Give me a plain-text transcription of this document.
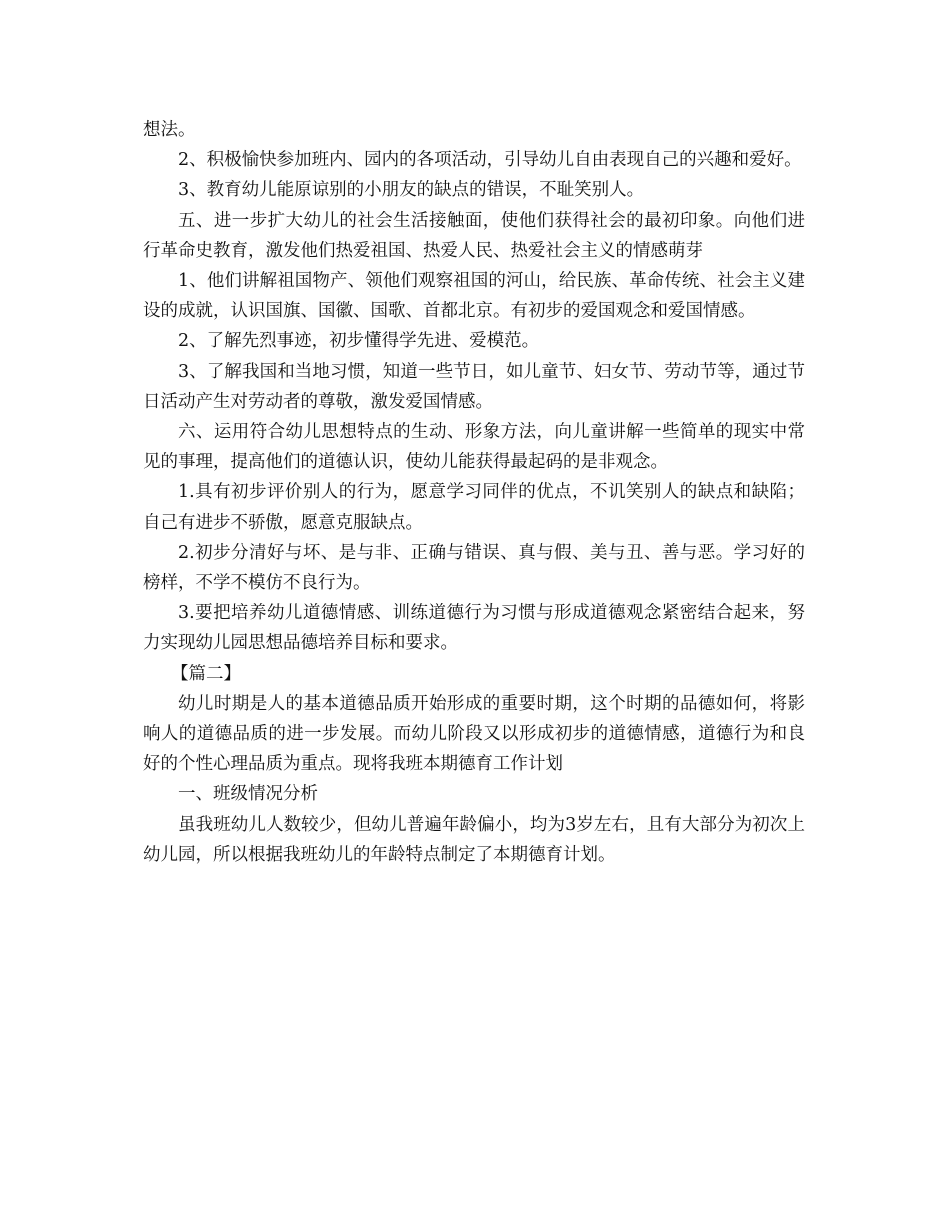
想法。

2、积极愉快参加班内、园内的各项活动，引导幼儿自由表现自己的兴趣和爱好。

3、教育幼儿能原谅别的小朋友的缺点的错误，不耻笑别人。

五、进一步扩大幼儿的社会生活接触面，使他们获得社会的最初印象。向他们进行革命史教育，激发他们热爱祖国、热爱人民、热爱社会主义的情感萌芽

1、他们讲解祖国物产、领他们观察祖国的河山，给民族、革命传统、社会主义建设的成就，认识国旗、国徽、国歌、首都北京。有初步的爱国观念和爱国情感。

2、了解先烈事迹，初步懂得学先进、爱模范。

3、了解我国和当地习惯，知道一些节日，如儿童节、妇女节、劳动节等，通过节日活动产生对劳动者的尊敬，激发爱国情感。

六、运用符合幼儿思想特点的生动、形象方法，向儿童讲解一些简单的现实中常见的事理，提高他们的道德认识，使幼儿能获得最起码的是非观念。

1.具有初步评价别人的行为，愿意学习同伴的优点，不讥笑别人的缺点和缺陷；自己有进步不骄傲，愿意克服缺点。

2.初步分清好与坏、是与非、正确与错误、真与假、美与丑、善与恶。学习好的榜样，不学不模仿不良行为。

3.要把培养幼儿道德情感、训练道德行为习惯与形成道德观念紧密结合起来，努力实现幼儿园思想品德培养目标和要求。

【篇二】

幼儿时期是人的基本道德品质开始形成的重要时期，这个时期的品德如何，将影响人的道德品质的进一步发展。而幼儿阶段又以形成初步的道德情感，道德行为和良好的个性心理品质为重点。现将我班本期德育工作计划

一、班级情况分析

虽我班幼儿人数较少，但幼儿普遍年龄偏小，均为3岁左右，且有大部分为初次上幼儿园，所以根据我班幼儿的年龄特点制定了本期德育计划。
